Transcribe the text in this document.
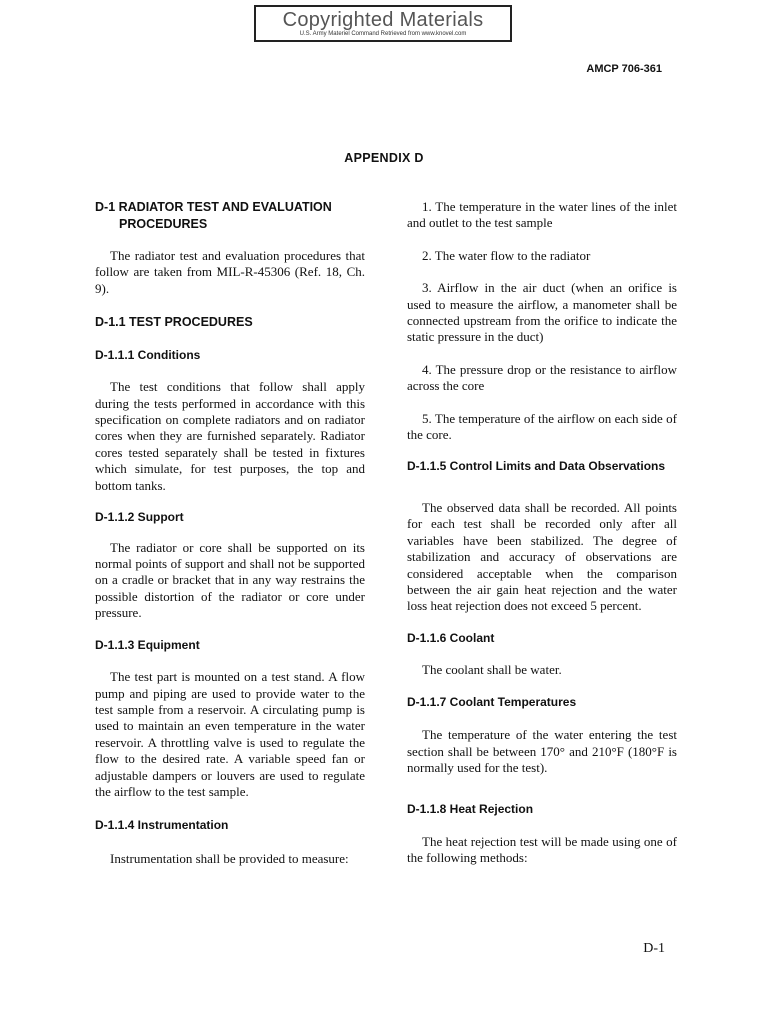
Copyrighted Materials
U.S. Army Materiel Command Retrieved from www.knovel.com
AMCP 706-361
APPENDIX D
D-1 RADIATOR TEST AND EVALUATION
PROCEDURES

The radiator test and evaluation procedures that follow are taken from MIL-R-45306 (Ref. 18, Ch. 9).

D-1.1 TEST PROCEDURES
D-1.1.1 Conditions

The test conditions that follow shall apply during the tests performed in accordance with this specification on complete radiators and on radiator cores when they are furnished separately. Radiator cores tested separately shall be tested in fixtures which simulate, for test purposes, the top and bottom tanks.

D-1.1.2 Support

The radiator or core shall be supported on its normal points of support and shall not be supported on a cradle or bracket that in any way restrains the possible distortion of the radiator or core under pressure.

D-1.1.3 Equipment

The test part is mounted on a test stand. A flow pump and piping are used to provide water to the test sample from a reservoir. A circulating pump is used to maintain an even temperature in the water reservoir. A throttling valve is used to regulate the flow to the desired rate. A variable speed fan or adjustable dampers or louvers are used to regulate the airflow to the test sample.

D-1.1.4 Instrumentation

Instrumentation shall be provided to measure:

1. The temperature in the water lines of the inlet and outlet to the test sample

2. The water flow to the radiator

3. Airflow in the air duct (when an orifice is used to measure the airflow, a manometer shall be connected upstream from the orifice to indicate the static pressure in the duct)

4. The pressure drop or the resistance to airflow across the core

5. The temperature of the airflow on each side of the core.

D-1.1.5 Control Limits and Data Observations

The observed data shall be recorded. All points for each test shall be recorded only after all variables have been stabilized. The degree of stabilization and accuracy of observations are considered acceptable when the comparison between the air gain heat rejection and the water loss heat rejection does not exceed 5 percent.

D-1.1.6 Coolant

The coolant shall be water.

D-1.1.7 Coolant Temperatures

The temperature of the water entering the test section shall be between 170° and 210°F (180°F is normally used for the test).

D-1.1.8 Heat Rejection

The heat rejection test will be made using one of the following methods:

D-1
